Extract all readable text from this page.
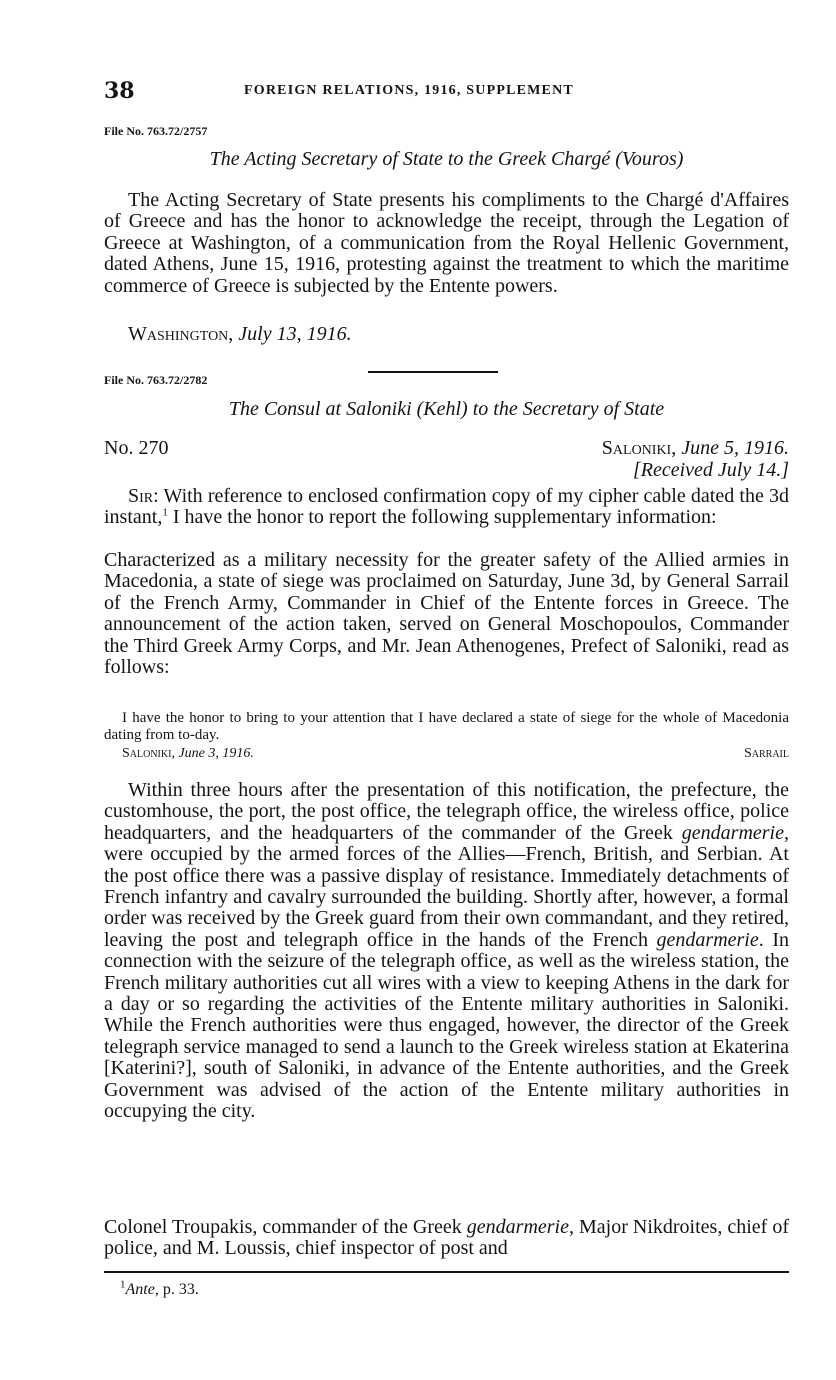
38	FOREIGN RELATIONS, 1916, SUPPLEMENT
File No. 763.72/2757
The Acting Secretary of State to the Greek Chargé (Vouros)

The Acting Secretary of State presents his compliments to the Chargé d'Affaires of Greece and has the honor to acknowledge the receipt, through the Legation of Greece at Washington, of a communication from the Royal Hellenic Government, dated Athens, June 15, 1916, protesting against the treatment to which the maritime commerce of Greece is subjected by the Entente powers.

Washington, July 13, 1916.
File No. 763.72/2782
The Consul at Saloniki (Kehl) to the Secretary of State
No. 270	Saloniki, June 5, 1916.
[Received July 14.]

Sir: With reference to enclosed confirmation copy of my cipher cable dated the 3d instant,$^1$ I have the honor to report the following supplementary information:

Characterized as a military necessity for the greater safety of the Allied armies in Macedonia, a state of siege was proclaimed on Saturday, June 3d, by General Sarrail of the French Army, Commander in Chief of the Entente forces in Greece. The announcement of the action taken, served on General Moschopoulos, Commander the Third Greek Army Corps, and Mr. Jean Athenogenes, Prefect of Saloniki, read as follows:

I have the honor to bring to your attention that I have declared a state of siege for the whole of Macedonia dating from to-day.

Saloniki, June 3, 1916.	Sarrail

Within three hours after the presentation of this notification, the prefecture, the customhouse, the port, the post office, the telegraph office, the wireless office, police headquarters, and the headquarters of the commander of the Greek gendarmerie, were occupied by the armed forces of the Allies—French, British, and Serbian. At the post office there was a passive display of resistance. Immediately detachments of French infantry and cavalry surrounded the building. Shortly after, however, a formal order was received by the Greek guard from their own commandant, and they retired, leaving the post and telegraph office in the hands of the French gendarmerie. In connection with the seizure of the telegraph office, as well as the wireless station, the French military authorities cut all wires with a view to keeping Athens in the dark for a day or so regarding the activities of the Entente military authorities in Saloniki. While the French authorities were thus engaged, however, the director of the Greek telegraph service managed to send a launch to the Greek wireless station at Ekaterina [Katerini?], south of Saloniki, in advance of the Entente authorities, and the Greek Government was advised of the action of the Entente military authorities in occupying the city.

Colonel Troupakis, commander of the Greek gendarmerie, Major Nikdroites, chief of police, and M. Loussis, chief inspector of post and

$^1$Ante, p. 33.
